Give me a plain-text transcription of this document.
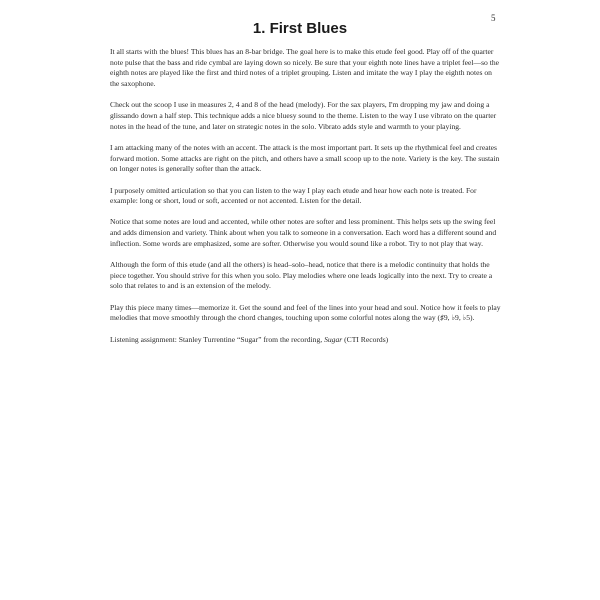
5
1. First Blues

It all starts with the blues! This blues has an 8-bar bridge. The goal here is to make this etude feel good. Play off of the quarter note pulse that the bass and ride cymbal are laying down so nicely. Be sure that your eighth note lines have a triplet feel—so the eighth notes are played like the first and third notes of a triplet grouping. Listen and imitate the way I play the eighth notes on the saxophone.

Check out the scoop I use in measures 2, 4 and 8 of the head (melody). For the sax players, I'm dropping my jaw and doing a glissando down a half step. This technique adds a nice bluesy sound to the theme. Listen to the way I use vibrato on the quarter notes in the head of the tune, and later on strategic notes in the solo. Vibrato adds style and warmth to your playing.

I am attacking many of the notes with an accent. The attack is the most important part. It sets up the rhythmical feel and creates forward motion. Some attacks are right on the pitch, and others have a small scoop up to the note. Variety is the key. The sustain on longer notes is generally softer than the attack.

I purposely omitted articulation so that you can listen to the way I play each etude and hear how each note is treated. For example: long or short, loud or soft, accented or not accented. Listen for the detail.

Notice that some notes are loud and accented, while other notes are softer and less prominent. This helps sets up the swing feel and adds dimension and variety. Think about when you talk to someone in a conversation. Each word has a different sound and inflection. Some words are emphasized, some are softer. Otherwise you would sound like a robot. Try to not play that way.

Although the form of this etude (and all the others) is head–solo–head, notice that there is a melodic continuity that holds the piece together. You should strive for this when you solo. Play melodies where one leads logically into the next. Try to create a solo that relates to and is an extension of the melody.

Play this piece many times—memorize it. Get the sound and feel of the lines into your head and soul. Notice how it feels to play melodies that move smoothly through the chord changes, touching upon some colorful notes along the way (♯9, ♭9, ♭5).

Listening assignment: Stanley Turrentine “Sugar” from the recording, Sugar (CTI Records)
